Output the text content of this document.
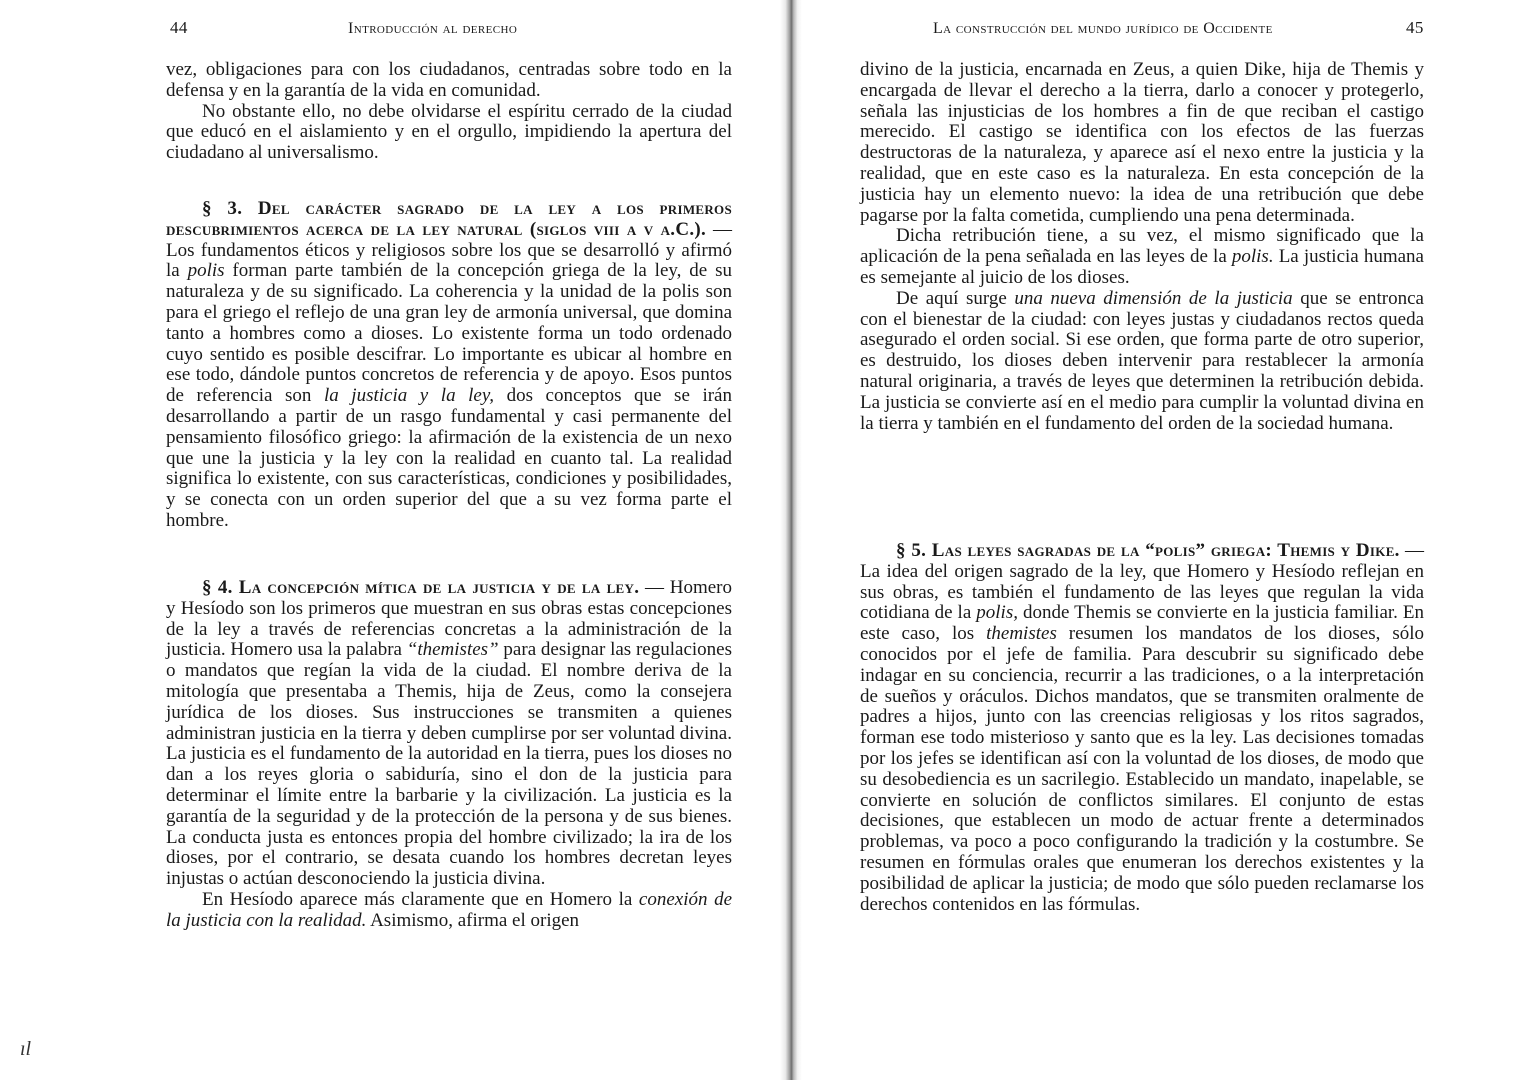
44	Introducción al derecho

vez, obligaciones para con los ciudadanos, centradas sobre todo en la defensa y en la garantía de la vida en comunidad.

No obstante ello, no debe olvidarse el espíritu cerrado de la ciudad que educó en el aislamiento y en el orgullo, impidiendo la apertura del ciudadano al universalismo.

§ 3. Del carácter sagrado de la ley a los primeros descubrimientos acerca de la ley natural (siglos viii a v a.C.). — Los fundamentos éticos y religiosos sobre los que se desarrolló y afirmó la polis forman parte también de la concepción griega de la ley, de su naturaleza y de su significado. La coherencia y la unidad de la polis son para el griego el reflejo de una gran ley de armonía universal, que domina tanto a hombres como a dioses. Lo existente forma un todo ordenado cuyo sentido es posible descifrar. Lo importante es ubicar al hombre en ese todo, dándole puntos concretos de referencia y de apoyo. Esos puntos de referencia son la justicia y la ley, dos conceptos que se irán desarrollando a partir de un rasgo fundamental y casi permanente del pensamiento filosófico griego: la afirmación de la existencia de un nexo que une la justicia y la ley con la realidad en cuanto tal. La realidad significa lo existente, con sus características, condiciones y posibilidades, y se conecta con un orden superior del que a su vez forma parte el hombre.

§ 4. La concepción mítica de la justicia y de la ley. — Homero y Hesíodo son los primeros que muestran en sus obras estas concepciones de la ley a través de referencias concretas a la administración de la justicia. Homero usa la palabra “themistes” para designar las regulaciones o mandatos que regían la vida de la ciudad. El nombre deriva de la mitología que presentaba a Themis, hija de Zeus, como la consejera jurídica de los dioses. Sus instrucciones se transmiten a quienes administran justicia en la tierra y deben cumplirse por ser voluntad divina. La justicia es el fundamento de la autoridad en la tierra, pues los dioses no dan a los reyes gloria o sabiduría, sino el don de la justicia para determinar el límite entre la barbarie y la civilización. La justicia es la garantía de la seguridad y de la protección de la persona y de sus bienes. La conducta justa es entonces propia del hombre civilizado; la ira de los dioses, por el contrario, se desata cuando los hombres decretan leyes injustas o actúan desconociendo la justicia divina.

En Hesíodo aparece más claramente que en Homero la conexión de la justicia con la realidad. Asimismo, afirma el origen

ıl
La construcción del mundo jurídico de Occidente	45

divino de la justicia, encarnada en Zeus, a quien Dike, hija de Themis y encargada de llevar el derecho a la tierra, darlo a conocer y protegerlo, señala las injusticias de los hombres a fin de que reciban el castigo merecido. El castigo se identifica con los efectos de las fuerzas destructoras de la naturaleza, y aparece así el nexo entre la justicia y la realidad, que en este caso es la naturaleza. En esta concepción de la justicia hay un elemento nuevo: la idea de una retribución que debe pagarse por la falta cometida, cumpliendo una pena determinada.

Dicha retribución tiene, a su vez, el mismo significado que la aplicación de la pena señalada en las leyes de la polis. La justicia humana es semejante al juicio de los dioses.

De aquí surge una nueva dimensión de la justicia que se entronca con el bienestar de la ciudad: con leyes justas y ciudadanos rectos queda asegurado el orden social. Si ese orden, que forma parte de otro superior, es destruido, los dioses deben intervenir para restablecer la armonía natural originaria, a través de leyes que determinen la retribución debida. La justicia se convierte así en el medio para cumplir la voluntad divina en la tierra y también en el fundamento del orden de la sociedad humana.

§ 5. Las leyes sagradas de la “polis” griega: Themis y Dike. — La idea del origen sagrado de la ley, que Homero y Hesíodo reflejan en sus obras, es también el fundamento de las leyes que regulan la vida cotidiana de la polis, donde Themis se convierte en la justicia familiar. En este caso, los themistes resumen los mandatos de los dioses, sólo conocidos por el jefe de familia. Para descubrir su significado debe indagar en su conciencia, recurrir a las tradiciones, o a la interpretación de sueños y oráculos. Dichos mandatos, que se transmiten oralmente de padres a hijos, junto con las creencias religiosas y los ritos sagrados, forman ese todo misterioso y santo que es la ley. Las decisiones tomadas por los jefes se identifican así con la voluntad de los dioses, de modo que su desobediencia es un sacrilegio. Establecido un mandato, inapelable, se convierte en solución de conflictos similares. El conjunto de estas decisiones, que establecen un modo de actuar frente a determinados problemas, va poco a poco configurando la tradición y la costumbre. Se resumen en fórmulas orales que enumeran los derechos existentes y la posibilidad de aplicar la justicia; de modo que sólo pueden reclamarse los derechos contenidos en las fórmulas.
